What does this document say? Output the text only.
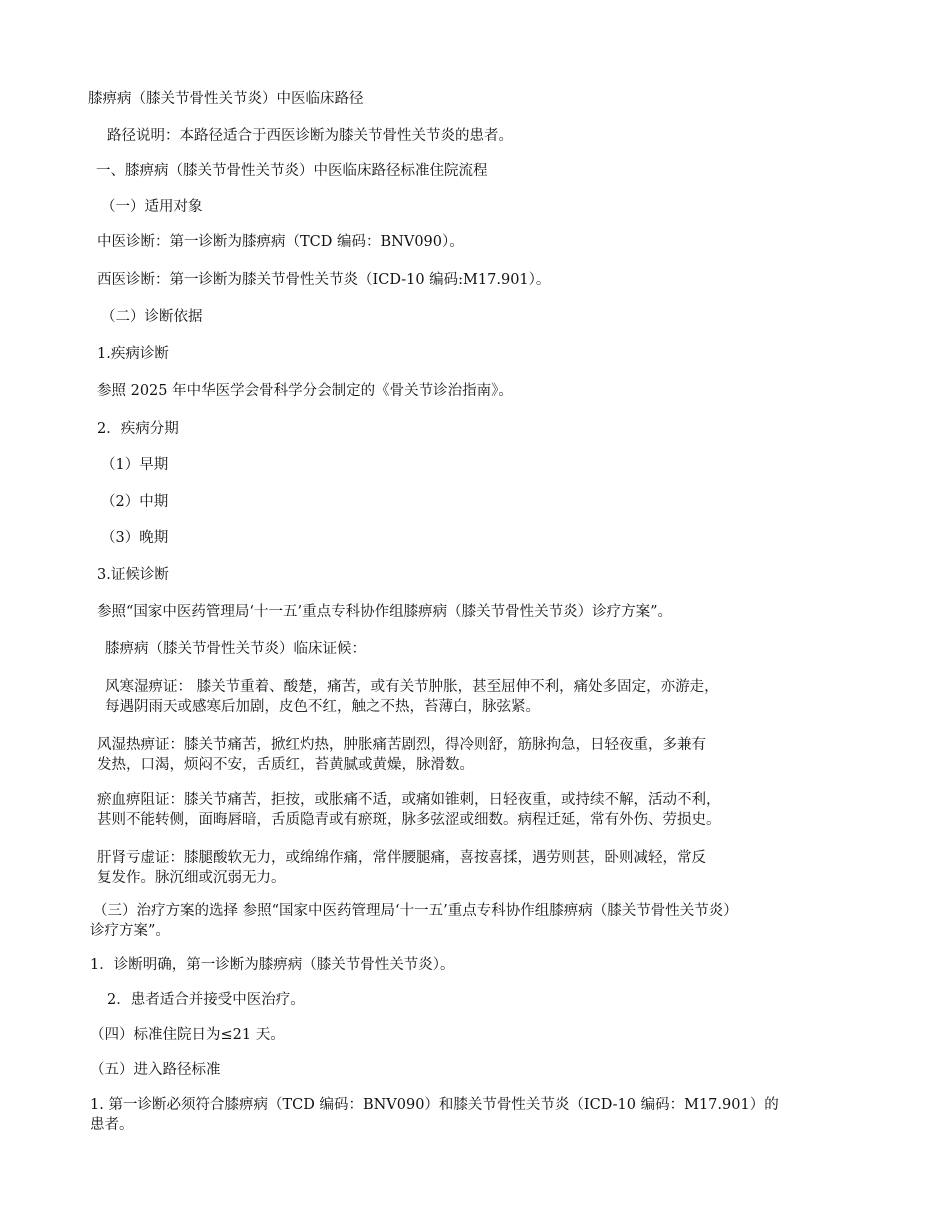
膝痹病（膝关节骨性关节炎）中医临床路径
路径说明：本路径适合于西医诊断为膝关节骨性关节炎的患者。
一、膝痹病（膝关节骨性关节炎）中医临床路径标准住院流程
（一）适用对象
中医诊断：第一诊断为膝痹病（TCD 编码：BNV090）。
西医诊断：第一诊断为膝关节骨性关节炎（ICD-10 编码:M17.901）。
（二）诊断依据
1.疾病诊断
参照 2025 年中华医学会骨科学分会制定的《骨关节诊治指南》。
2．疾病分期
（1）早期
（2）中期
（3）晚期
3.证候诊断
参照“国家中医药管理局‘十一五’重点专科协作组膝痹病（膝关节骨性关节炎）诊疗方案”。
膝痹病（膝关节骨性关节炎）临床证候：
风寒湿痹证： 膝关节重着、酸楚，痛苦，或有关节肿胀，甚至屈伸不利，痛处多固定，亦游走，
每遇阴雨天或感寒后加剧，皮色不红，触之不热，苔薄白，脉弦紧。
风湿热痹证：膝关节痛苦，掀红灼热，肿胀痛苦剧烈，得冷则舒，筋脉拘急，日轻夜重，多兼有
发热，口渴，烦闷不安，舌质红，苔黄腻或黄燥，脉滑数。
瘀血痹阻证：膝关节痛苦，拒按，或胀痛不适，或痛如锥刺，日轻夜重，或持续不解，活动不利，
甚则不能转侧，面晦唇暗，舌质隐青或有瘀斑，脉多弦涩或细数。病程迁延，常有外伤、劳损史。
肝肾亏虚证：膝腿酸软无力，或绵绵作痛，常伴腰腿痛，喜按喜揉，遇劳则甚，卧则减轻，常反
复发作。脉沉细或沉弱无力。
（三）治疗方案的选择 参照“国家中医药管理局‘十一五’重点专科协作组膝痹病（膝关节骨性关节炎）
诊疗方案”。
1．诊断明确，第一诊断为膝痹病（膝关节骨性关节炎）。
2．患者适合并接受中医治疗。
（四）标准住院日为≤21 天。
（五）进入路径标准
1. 第一诊断必须符合膝痹病（TCD 编码：BNV090）和膝关节骨性关节炎（ICD-10 编码：M17.901）的
患者。
